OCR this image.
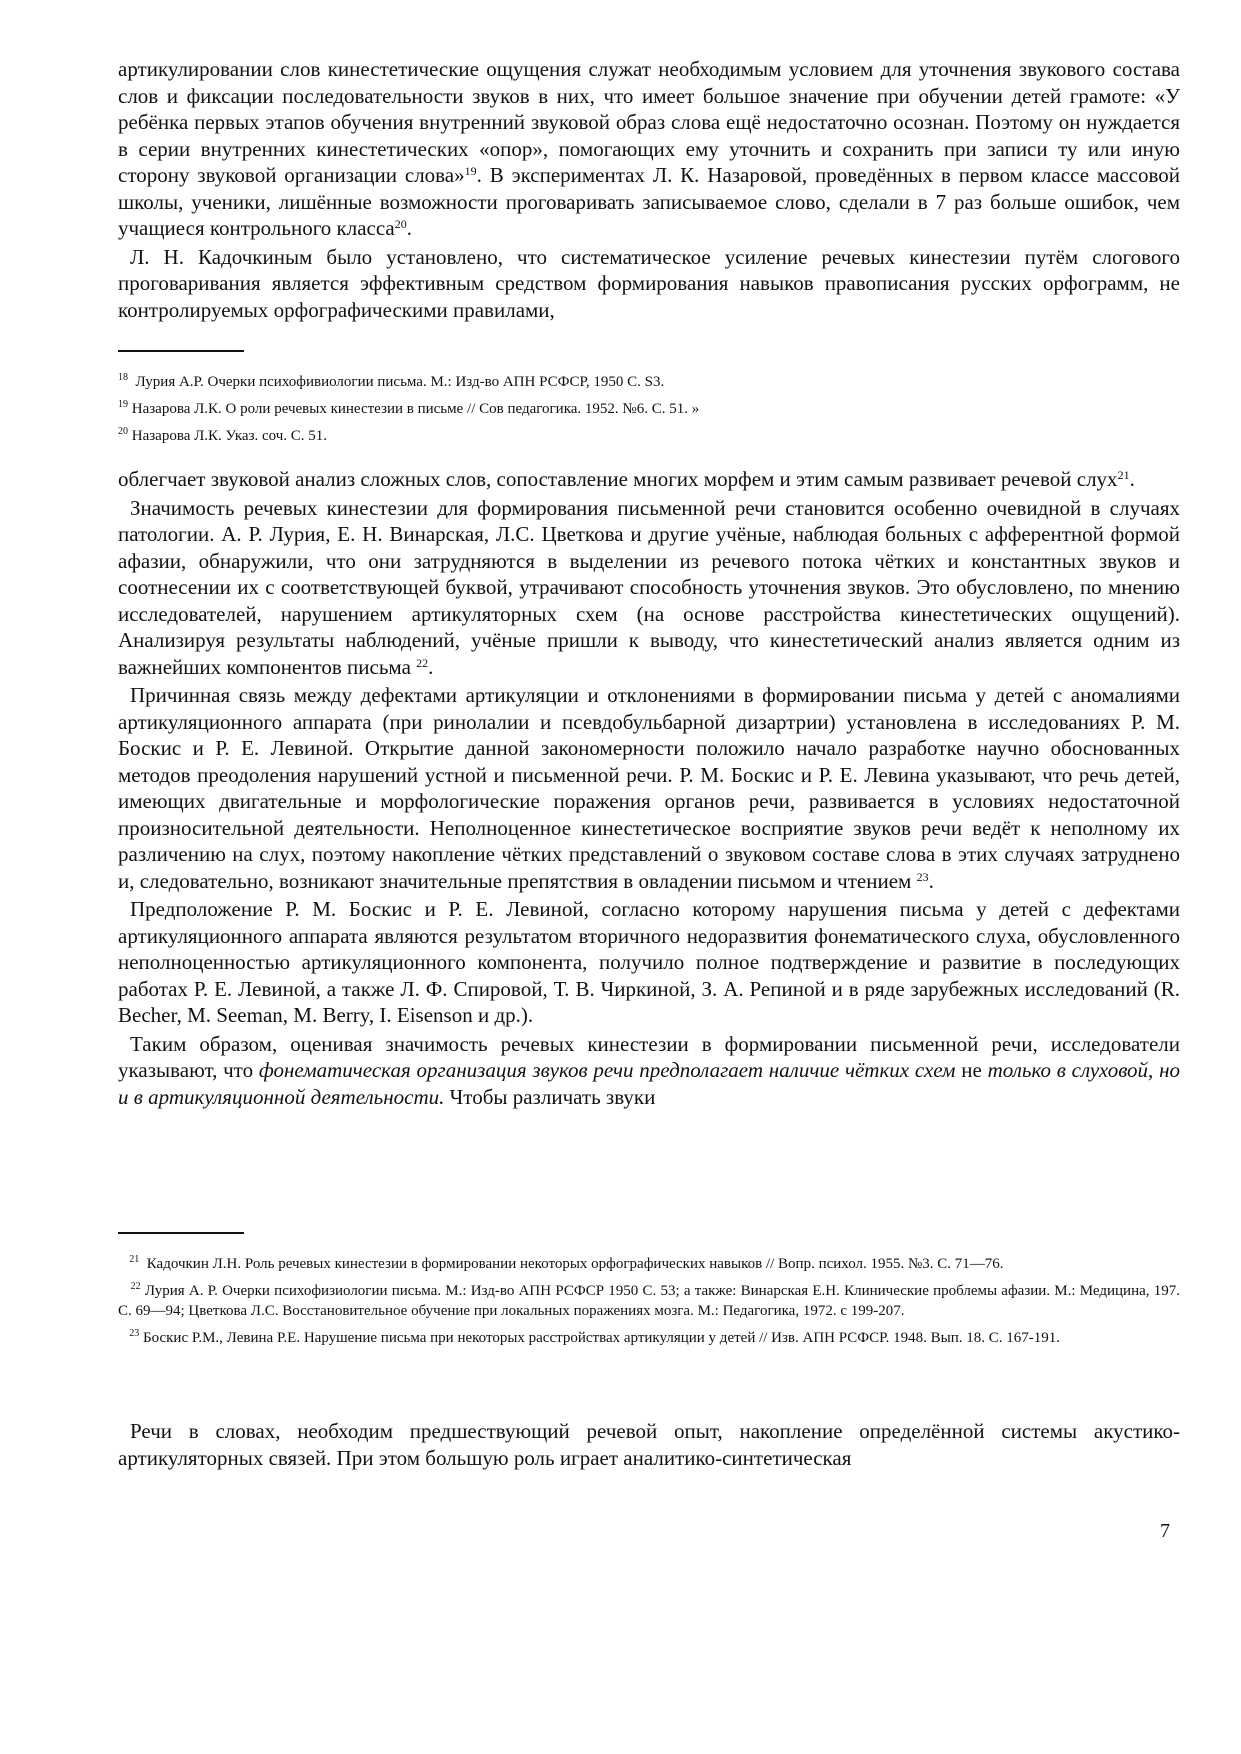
артикулировании слов кинестетические ощущения служат необходимым условием для уточнения звукового состава слов и фиксации последовательности звуков в них, что имеет большое значение при обучении детей грамоте: «У ребёнка первых этапов обучения внутренний звуковой образ слова ещё недостаточно осознан. Поэтому он нуждается в серии внутренних кинестетических «опор», помогающих ему уточнить и сохранить при записи ту или иную сторону звуковой организации слова»$^{19}$. В экспериментах Л. К. Назаровой, проведённых в первом классе массовой школы, ученики, лишённые возможности проговаривать записываемое слово, сделали в 7 раз больше ошибок, чем учащиеся контрольного класса$^{20}$.

Л. Н. Кадочкиным было установлено, что систематическое усиление речевых кинестезии путём слогового проговаривания является эффективным средством формирования навыков правописания русских орфограмм, не контролируемых орфографическими правилами,

$^{18}$ Лурия А.Р. Очерки психофивиологии письма. М.: Изд-во АПН РСФСР, 1950 С. S3.

$^{19}$ Назарова Л.К. О роли речевых кинестезии в письме // Сов педагогика. 1952. №6. С. 51. »

$^{20}$ Назарова Л.К. Указ. соч. С. 51.

облегчает звуковой анализ сложных слов, сопоставление многих морфем и этим самым развивает речевой слух$^{21}$.

Значимость речевых кинестезии для формирования письменной речи становится особенно очевидной в случаях патологии. А. Р. Лурия, Е. Н. Винарская, Л.С. Цветкова и другие учёные, наблюдая больных с афферентной формой афазии, обнаружили, что они затрудняются в выделении из речевого потока чётких и константных звуков и соотнесении их с соответствующей буквой, утрачивают способность уточнения звуков. Это обусловлено, по мнению исследователей, нарушением артикуляторных схем (на основе расстройства кинестетических ощущений). Анализируя результаты наблюдений, учёные пришли к выводу, что кинестетический анализ является одним из важнейших компонентов письма $^{22}$.

Причинная связь между дефектами артикуляции и отклонениями в формировании письма у детей с аномалиями артикуляционного аппарата (при ринолалии и псевдобульбарной дизартрии) установлена в исследованиях Р. М. Боскис и Р. Е. Левиной. Открытие данной закономерности положило начало разработке научно обоснованных методов преодоления нарушений устной и письменной речи. Р. М. Боскис и Р. Е. Левина указывают, что речь детей, имеющих двигательные и морфологические поражения органов речи, развивается в условиях недостаточной произносительной деятельности. Неполноценное кинестетическое восприятие звуков речи ведёт к неполному их различению на слух, поэтому накопление чётких представлений о звуковом составе слова в этих случаях затруднено и, следовательно, возникают значительные препятствия в овладении письмом и чтением $^{23}$.

Предположение Р. М. Боскис и Р. Е. Левиной, согласно которому нарушения письма у детей с дефектами артикуляционного аппарата являются результатом вторичного недоразвития фонематического слуха, обусловленного неполноценностью артикуляционного компонента, получило полное подтверждение и развитие в последующих работах Р. Е. Левиной, а также Л. Ф. Спировой, Т. В. Чиркиной, З. А. Репиной и в ряде зарубежных исследований (R. Becher, M. Seeman, M. Berry, I. Eisenson и др.).

Таким образом, оценивая значимость речевых кинестезии в формировании письменной речи, исследователи указывают, что фонематическая организация звуков речи предполагает наличие чётких схем не только в слуховой, но и в артикуляционной деятельности. Чтобы различать звуки

$^{21}$ Кадочкин Л.Н. Роль речевых кинестезии в формировании некоторых орфографических навыков // Вопр. психол. 1955. №3. С. 71—76.

$^{22}$ Лурия А. Р. Очерки психофизиологии письма. М.: Изд-во АПН РСФСР 1950 С. 53; а также: Винарская Е.Н. Клинические проблемы афазии. М.: Медицина, 197. С. 69—94; Цветкова Л.С. Восстановительное обучение при локальных поражениях мозга. М.: Педагогика, 1972. с 199-207.

$^{23}$ Боскис Р.М., Левина Р.Е. Нарушение письма при некоторых расстройствах артикуляции у детей // Изв. АПН РСФСР. 1948. Вып. 18. С. 167-191.

Речи в словах, необходим предшествующий речевой опыт, накопление определённой системы акустико-артикуляторных связей. При этом большую роль играет аналитико-синтетическая

7
